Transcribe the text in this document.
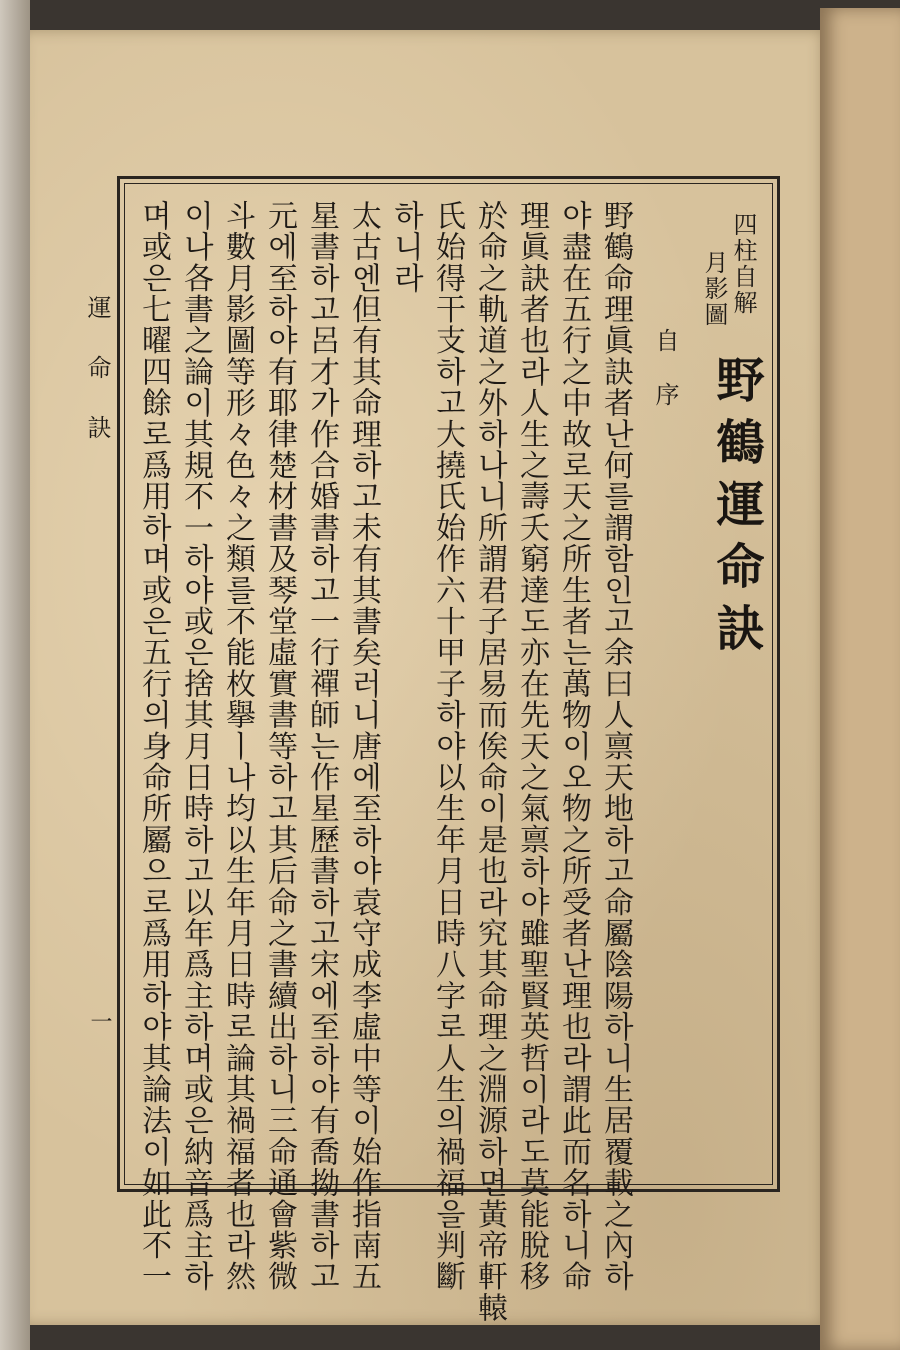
四柱自解
月影圖
野鶴運命訣
自序
野鶴命理眞訣者난何를謂함인고余曰人禀天地하고命屬陰陽하니生居覆載之內하
야盡在五行之中故로天之所生者는萬物이오物之所受者난理也라謂此而名하니命
理眞訣者也라人生之壽夭窮達도亦在先天之氣禀하야雖聖賢英哲이라도莫能脫移
於命之軌道之外하나니所謂君子居易而俟命이是也라究其命理之淵源하면黃帝軒轅
氏始得干支하고大撓氏始作六十甲子하야以生年月日時八字로人生의禍福을判斷
하니라
太古엔但有其命理하고未有其書矣러니唐에至하야袁守成李虛中等이始作指南五
星書하고呂才가作合婚書하고一行禪師는作星歷書하고宋에至하야有喬拗書하고
元에至하야有耶律楚材書及琴堂虛實書等하고其后命之書續出하니三命通會紫微
斗數月影圖等形々色々之類를不能枚擧ㅣ나均以生年月日時로論其禍福者也라然
이나各書之論이其規不一하야或은捨其月日時하고以年爲主하며或은納音爲主하
며或은七曜四餘로爲用하며或은五行의身命所屬으로爲用하야其論法이如此不一
運命訣
一
